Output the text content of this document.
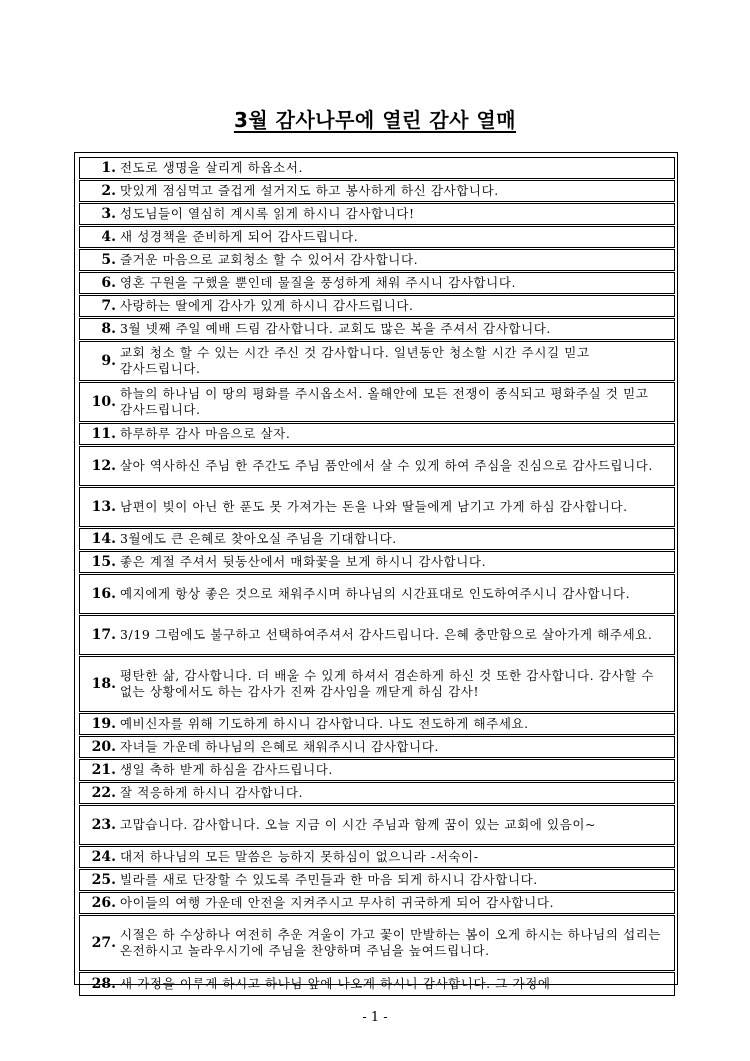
3월 감사나무에 열린 감사 열매
1. 전도로 생명을 살리게 하옵소서.
2. 맛있게 점심먹고 즐겁게 설거지도 하고 봉사하게 하신 감사합니다.
3. 성도님들이 열심히 계시록 읽게 하시니 감사합니다!
4. 새 성경책을 준비하게 되어 감사드립니다.
5. 즐거운 마음으로 교회청소 할 수 있어서 감사합니다.
6. 영혼 구원을 구했을 뿐인데 물질을 풍성하게 채워 주시니 감사합니다.
7. 사랑하는 딸에게 감사가 있게 하시니 감사드립니다.
8. 3월 넷째 주일 예배 드림 감사합니다. 교회도 많은 복을 주셔서 감사합니다.
9.
교회 청소 할 수 있는 시간 주신 것 감사합니다. 일년동안 청소할 시간 주시길 믿고 감사드립니다.
10.
하늘의 하나님 이 땅의 평화를 주시옵소서. 올해안에 모든 전쟁이 종식되고 평화주실 것 믿고 감사드립니다.
11. 하루하루 감사 마음으로 살자.
12. 살아 역사하신 주님 한 주간도 주님 품안에서 살 수 있게 하여 주심을 진심으로 감사드립니다.
13. 남편이 빚이 아닌 한 푼도 못 가져가는 돈을 나와 딸들에게 남기고 가게 하심 감사합니다.
14. 3월에도 큰 은혜로 찾아오실 주님을 기대합니다.
15. 좋은 계절 주셔서 뒷동산에서 매화꽃을 보게 하시니 감사합니다.
16. 예지에게 항상 좋은 것으로 채워주시며 하나님의 시간표대로 인도하여주시니 감사합니다.
17. 3/19 그럼에도 불구하고 선택하여주셔서 감사드립니다. 은혜 충만함으로 살아가게 해주세요.
18.
평탄한 삶, 감사합니다. 더 배울 수 있게 하셔서 겸손하게 하신 것 또한 감사합니다. 감사할 수 없는 상황에서도 하는 감사가 진짜 감사임을 깨닫게 하심 감사!
19. 예비신자를 위해 기도하게 하시니 감사합니다. 나도 전도하게 해주세요.
20. 자녀들 가운데 하나님의 은혜로 채워주시니 감사합니다.
21. 생일 축하 받게 하심을 감사드립니다.
22. 잘 적응하게 하시니 감사합니다.
23. 고맙습니다. 감사합니다. 오늘 지금 이 시간 주님과 함께 꿈이 있는 교회에 있음이~
24. 대저 하나님의 모든 말씀은 능하지 못하심이 없으니라 -서숙이-
25. 빌라를 새로 단장할 수 있도록 주민들과 한 마음 되게 하시니 감사합니다.
26. 아이들의 여행 가운데 안전을 지켜주시고 무사히 귀국하게 되어 감사합니다.
27.
시절은 하 수상하나 여전히 추운 겨울이 가고 꽃이 만발하는 봄이 오게 하시는 하나님의 섭리는 온전하시고 놀라우시기에 주님을 찬양하며 주님을 높여드립니다.
28. 새 가정을 이루게 하시고 하나님 앞에 나오게 하시니 감사합니다. 그 가정에
- 1 -
